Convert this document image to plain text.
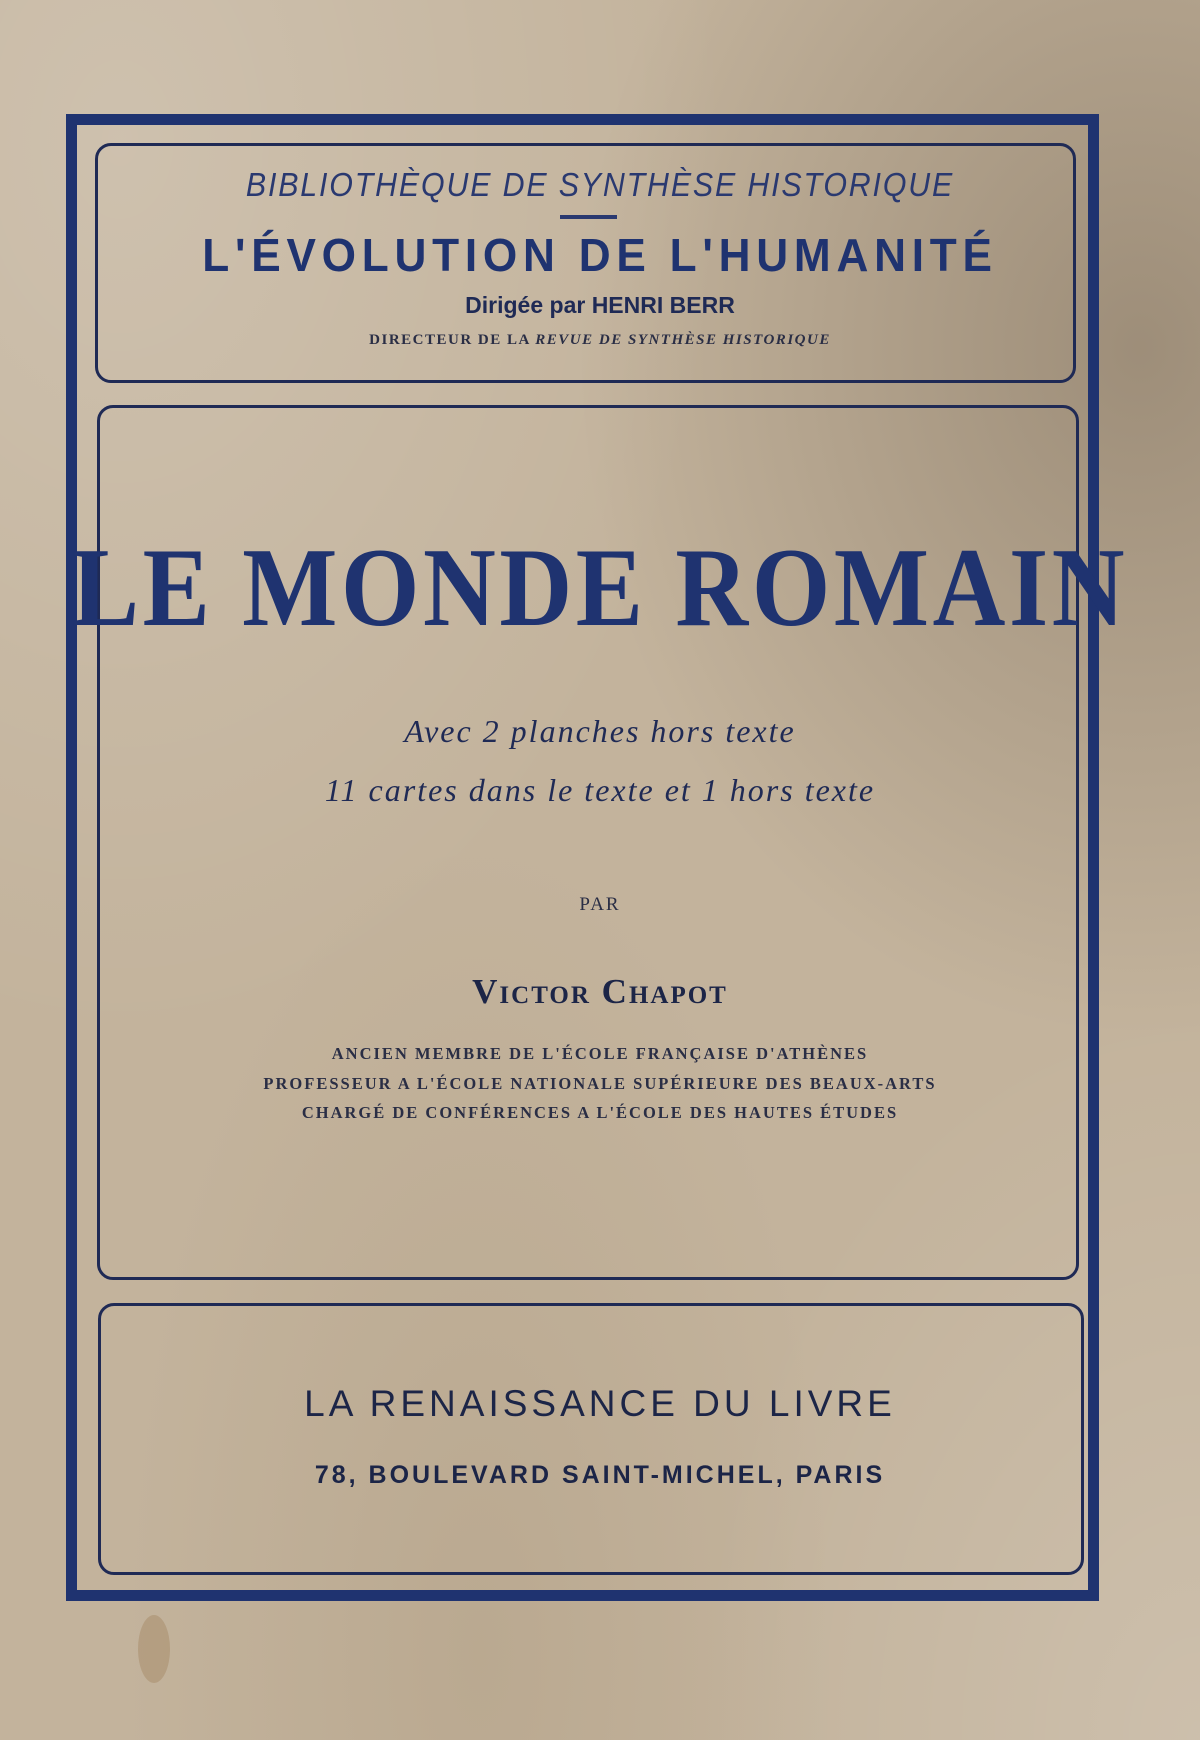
BIBLIOTHÈQUE DE SYNTHÈSE HISTORIQUE
L'ÉVOLUTION DE L'HUMANITÉ
Dirigée par HENRI BERR
DIRECTEUR DE LA REVUE DE SYNTHÈSE HISTORIQUE
LE MONDE ROMAIN
Avec 2 planches hors texte
11 cartes dans le texte et 1 hors texte
PAR
Victor Chapot
ANCIEN MEMBRE DE L'ÉCOLE FRANÇAISE D'ATHÈNES
PROFESSEUR A L'ÉCOLE NATIONALE SUPÉRIEURE DES BEAUX-ARTS
CHARGÉ DE CONFÉRENCES A L'ÉCOLE DES HAUTES ÉTUDES
LA RENAISSANCE DU LIVRE
78, BOULEVARD SAINT-MICHEL, PARIS
